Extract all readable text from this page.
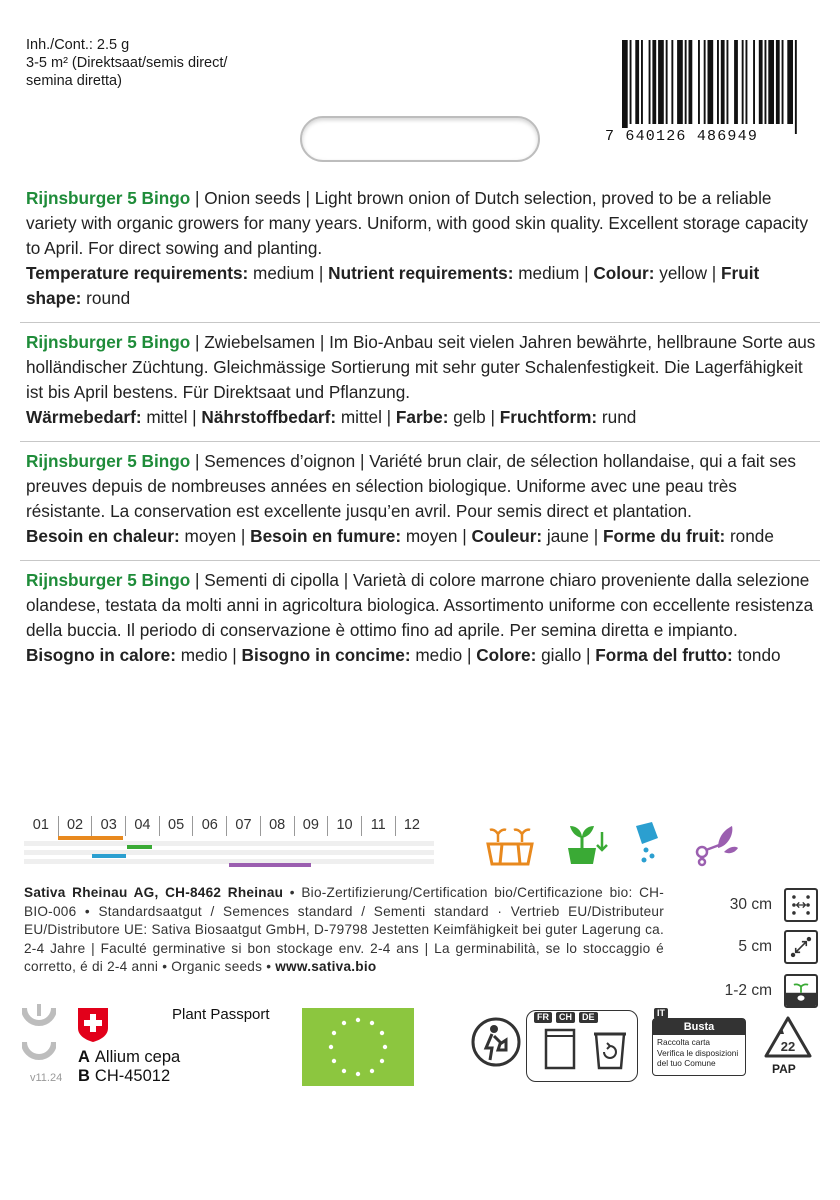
Inh./Cont.: 2.5 g
3-5 m² (Direktsaat/semis direct/
semina diretta)
7 640126 486949
Rijnsburger 5 Bingo | Onion seeds | Light brown onion of Dutch selection, proved to be a reliable variety with organic growers for many years. Uniform, with good skin quality. Excellent storage capacity to April. For direct sowing and planting.
Temperature requirements: medium | Nutrient requirements: medium | Colour: yellow | Fruit shape: round
Rijnsburger 5 Bingo | Zwiebelsamen | Im Bio-Anbau seit vielen Jahren bewährte, hellbraune Sorte aus holländischer Züchtung. Gleichmässige Sortierung mit sehr guter Schalenfestigkeit. Die Lagerfähigkeit ist bis April bestens. Für Direktsaat und Pflanzung.
Wärmebedarf: mittel | Nährstoffbedarf: mittel | Farbe: gelb | Fruchtform: rund
Rijnsburger 5 Bingo | Semences d’oignon | Variété brun clair, de sélection hollandaise, qui a fait ses preuves depuis de nombreuses années en sélection biologique. Uniforme avec une peau très résistante. La conservation est excellente jusqu’en avril. Pour semis direct et plantation.
Besoin en chaleur: moyen | Besoin en fumure: moyen | Couleur: jaune | Forme du fruit: ronde
Rijnsburger 5 Bingo | Sementi di cipolla | Varietà di colore marrone chiaro proveniente dalla selezione olandese, testata da molti anni in agricoltura biologica. Assortimento uniforme con eccellente resistenza della buccia. Il periodo di conservazione è ottimo fino ad aprile. Per semina diretta e impianto.
Bisogno in calore: medio | Bisogno in concime: medio | Colore: giallo | Forma del frutto: tondo
01	02	03	04	05	06	07	08	09	10	11	12
Sativa Rheinau AG, CH-8462 Rheinau • Bio-Zertifizierung/Certification bio/Certificazione bio: CH-BIO-006 • Standardsaatgut / Semences standard / Sementi standard · Vertrieb EU/Distributeur EU/Distributore UE: Sativa Biosaatgut GmbH, D-79798 Jestetten Keimfähigkeit bei guter Lagerung ca. 2-4 Jahre | Faculté germinative si bon stockage env. 2-4 ans | La germinabilità, se lo stoccaggio é corretto, é di 2-4 anni • Organic seeds • www.sativa.bio
30 cm
5 cm
1-2 cm
v11.24
Plant Passport
A Allium cepa
B CH-45012
FR	CH	DE
Busta
Raccolta carta
Verifica le disposizioni
del tuo Comune
IT
22
PAP
